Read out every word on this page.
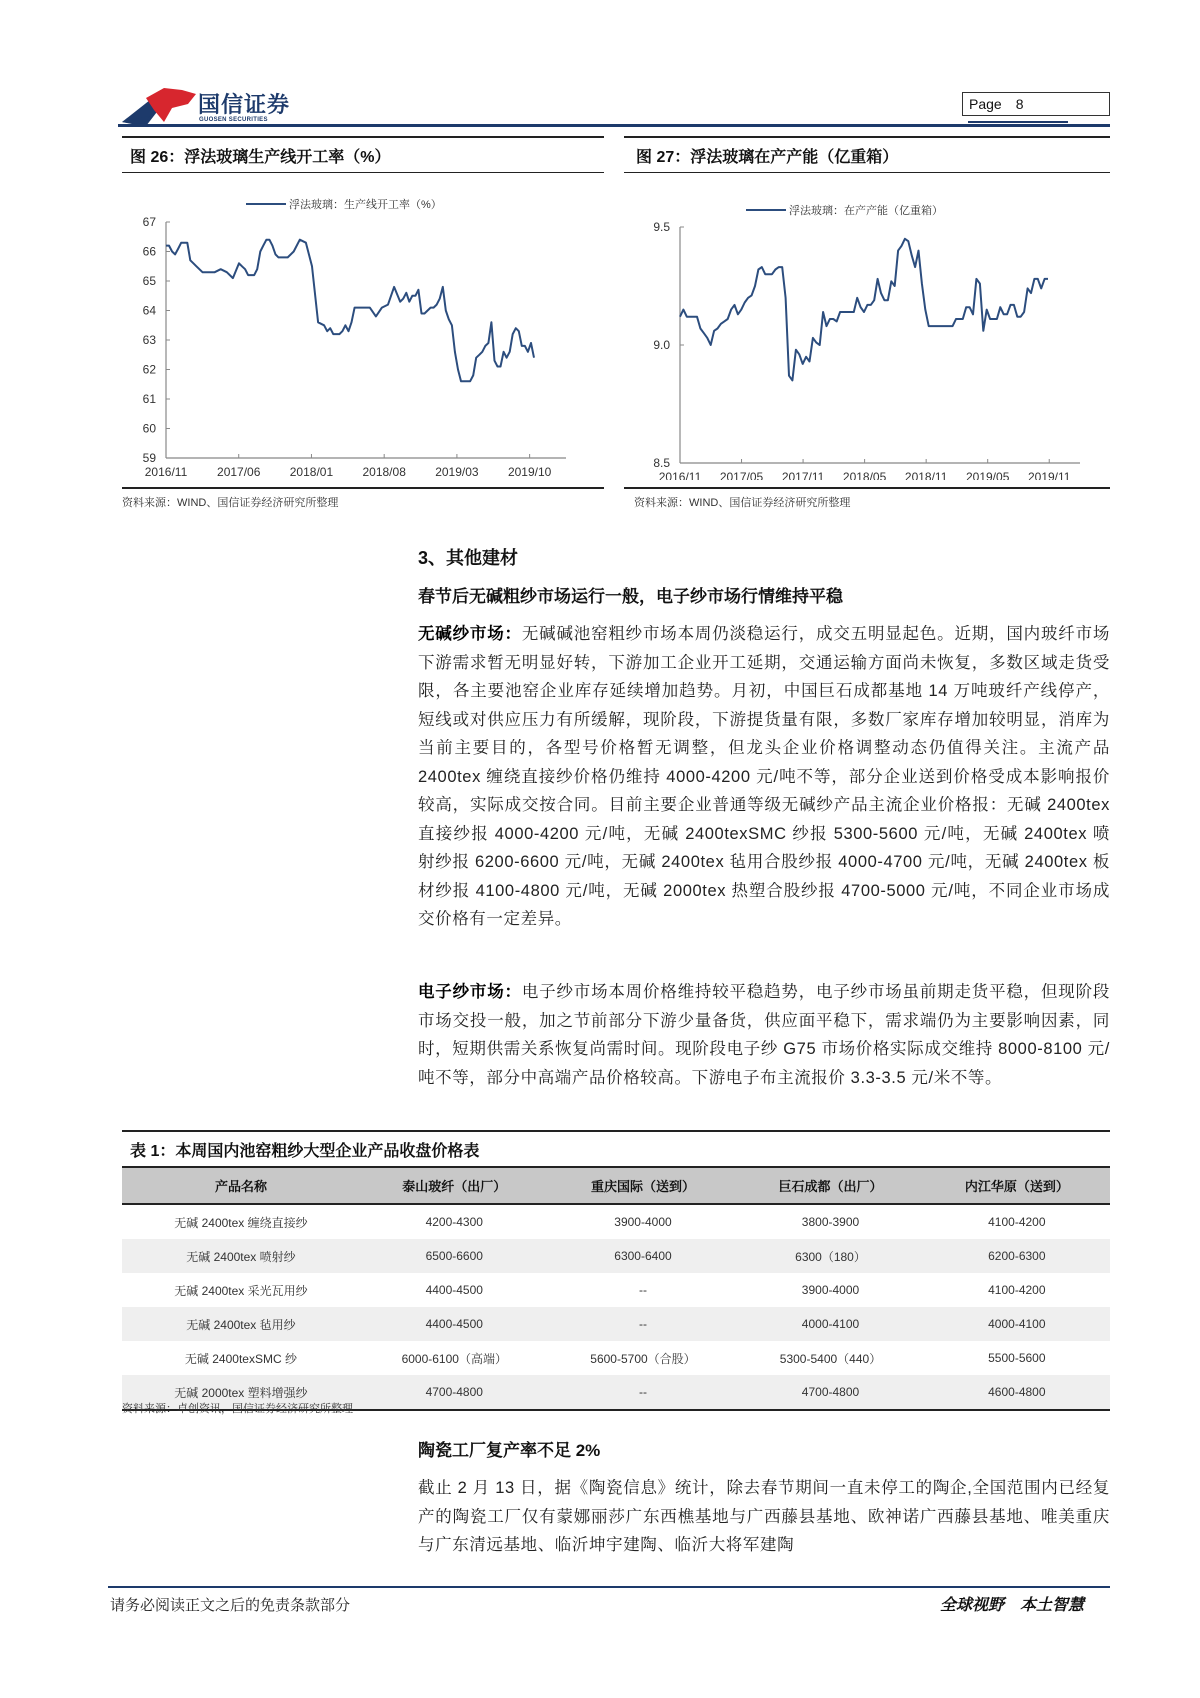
国信证券
GUOSEN SECURITIES
Page 8
图 26：浮法玻璃生产线开工率（%）
浮法玻璃：生产线开工率（%）
67
66
65
64
63
62
61
60
59
2016/11 2017/06 2018/01 2018/08 2019/03 2019/10
资料来源：WIND、国信证券经济研究所整理
图 27：浮法玻璃在产产能（亿重箱）
浮法玻璃：在产产能（亿重箱）
9.5
9.0
8.5
2016/11 2017/05 2017/11 2018/05 2018/11 2019/05 2019/11
资料来源：WIND、国信证券经济研究所整理
3、其他建材
春节后无碱粗纱市场运行一般，电子纱市场行情维持平稳
无碱纱市场：无碱碱池窑粗纱市场本周仍淡稳运行，成交五明显起色。近期，国内玻纤市场下游需求暂无明显好转，下游加工企业开工延期，交通运输方面尚未恢复，多数区域走货受限，各主要池窑企业库存延续增加趋势。月初，中国巨石成都基地 14 万吨玻纤产线停产，短线或对供应压力有所缓解，现阶段，下游提货量有限，多数厂家库存增加较明显，消库为当前主要目的，各型号价格暂无调整，但龙头企业价格调整动态仍值得关注。主流产品 2400tex 缠绕直接纱价格仍维持 4000-4200 元/吨不等，部分企业送到价格受成本影响报价较高，实际成交按合同。目前主要企业普通等级无碱纱产品主流企业价格报：无碱 2400tex 直接纱报 4000-4200 元/吨，无碱 2400texSMC 纱报 5300-5600 元/吨，无碱 2400tex 喷射纱报 6200-6600 元/吨，无碱 2400tex 毡用合股纱报 4000-4700 元/吨，无碱 2400tex 板材纱报 4100-4800 元/吨，无碱 2000tex 热塑合股纱报 4700-5000 元/吨，不同企业市场成交价格有一定差异。
电子纱市场：电子纱市场本周价格维持较平稳趋势，电子纱市场虽前期走货平稳，但现阶段市场交投一般，加之节前部分下游少量备货，供应面平稳下，需求端仍为主要影响因素，同时，短期供需关系恢复尚需时间。现阶段电子纱 G75 市场价格实际成交维持 8000-8100 元/吨不等，部分中高端产品价格较高。下游电子布主流报价 3.3-3.5 元/米不等。
表 1：本周国内池窑粗纱大型企业产品收盘价格表
产品名称	泰山玻纤（出厂）	重庆国际（送到）	巨石成都（出厂）	内江华原（送到）
无碱 2400tex 缠绕直接纱	4200-4300	3900-4000	3800-3900	4100-4200
无碱 2400tex 喷射纱	6500-6600	6300-6400	6300（180）	6200-6300
无碱 2400tex 采光瓦用纱	4400-4500	--	3900-4000	4100-4200
无碱 2400tex 毡用纱	4400-4500	--	4000-4100	4000-4100
无碱 2400texSMC 纱	6000-6100（高端）	5600-5700（合股）	5300-5400（440）	5500-5600
无碱 2000tex 塑料增强纱	4700-4800	--	4700-4800	4600-4800
资料来源：卓创资讯，国信证券经济研究所整理
陶瓷工厂复产率不足 2%
截止 2 月 13 日，据《陶瓷信息》统计，除去春节期间一直未停工的陶企,全国范围内已经复产的陶瓷工厂仅有蒙娜丽莎广东西樵基地与广西藤县基地、欧神诺广西藤县基地、唯美重庆与广东清远基地、临沂坤宇建陶、临沂大将军建陶
请务必阅读正文之后的免责条款部分	全球视野　本土智慧
